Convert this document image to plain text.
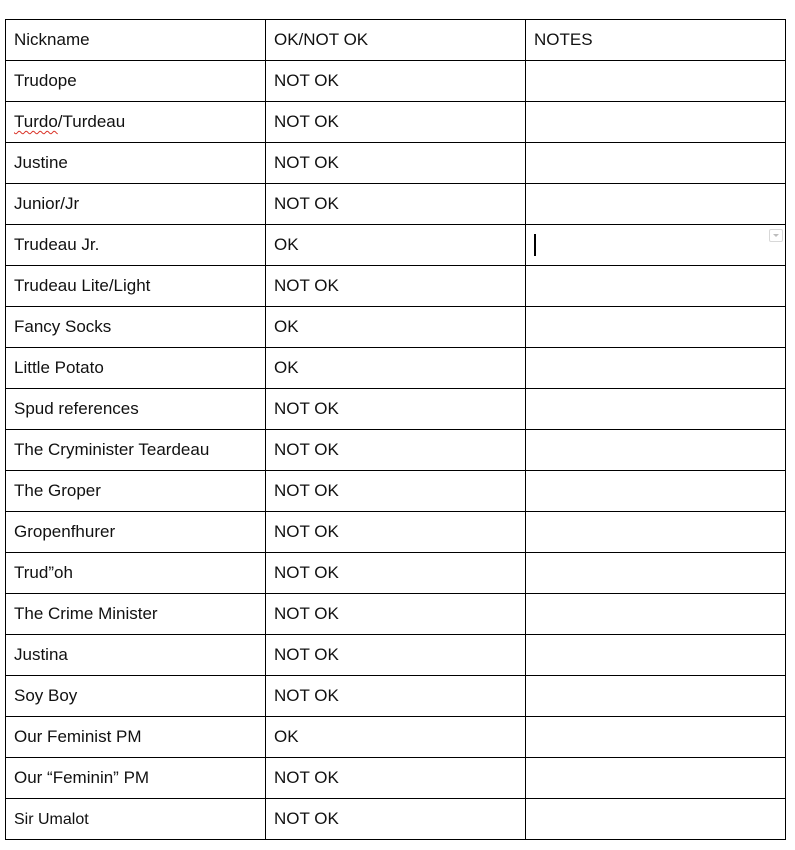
Nickname	OK/NOT OK	NOTES
Trudope	NOT OK	
Turdo/Turdeau	NOT OK	
Justine	NOT OK	
Junior/Jr	NOT OK	
Trudeau Jr.	OK	

Trudeau Lite/Light	NOT OK	
Fancy Socks	OK	
Little Potato	OK	
Spud references	NOT OK	
The Cryminister Teardeau	NOT OK	
The Groper	NOT OK	
Gropenfhurer	NOT OK	
Trud”oh	NOT OK	
The Crime Minister	NOT OK	
Justina	NOT OK	
Soy Boy	NOT OK	
Our Feminist PM	OK	
Our “Feminin” PM	NOT OK	
Sir Umalot	NOT OK	
